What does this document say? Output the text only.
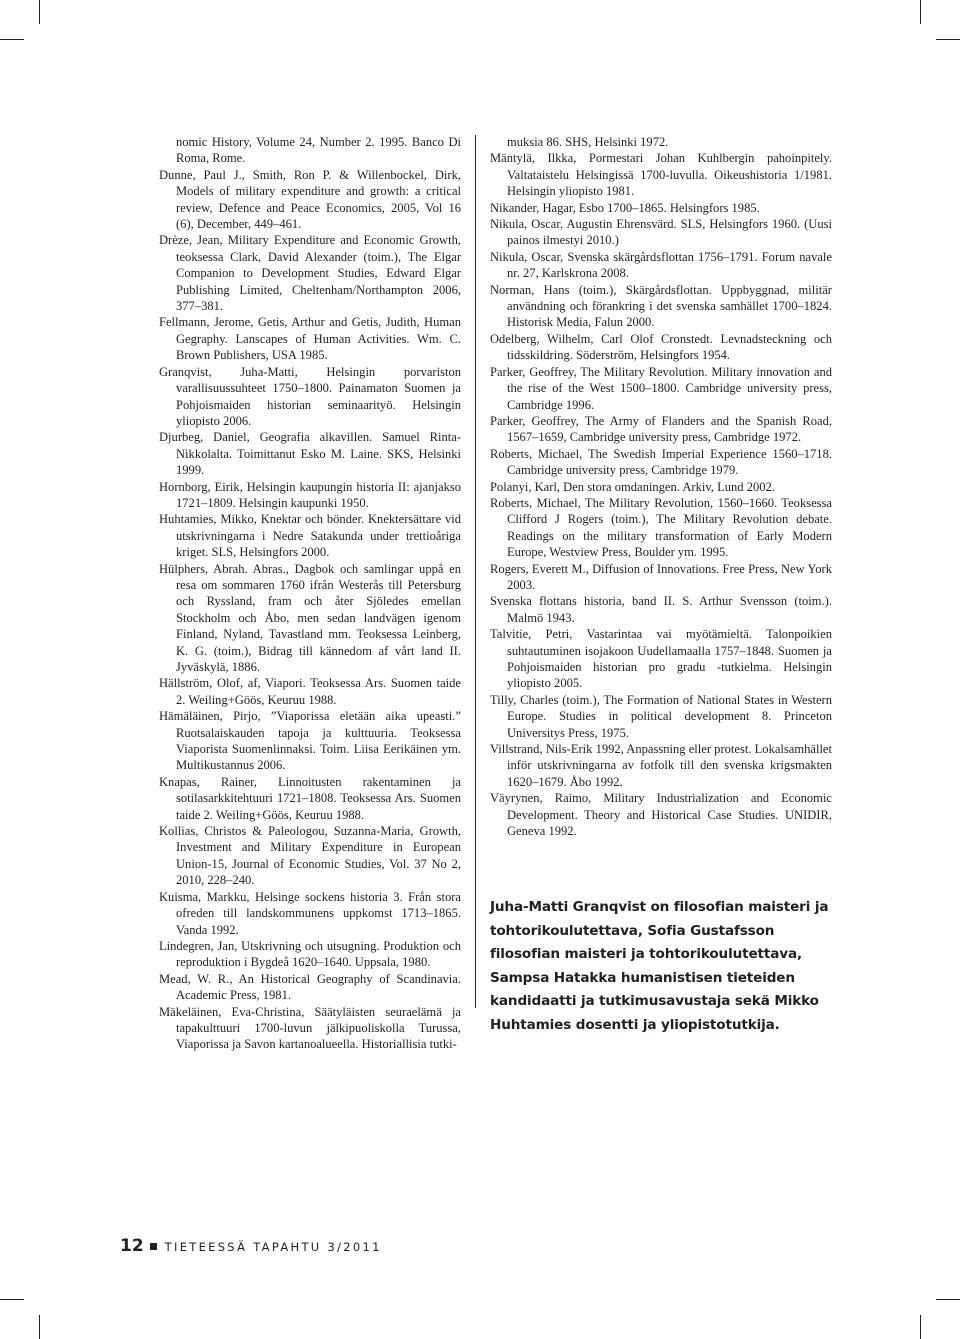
nomic History, Volume 24, Number 2. 1995. Banco Di Roma, Rome.

Dunne, Paul J., Smith, Ron P. & Willenbockel, Dirk, Models of military expenditure and growth: a critical review, Defence and Peace Economics, 2005, Vol 16 (6), December, 449–461.

Drèze, Jean, Military Expenditure and Economic Growth, teoksessa Clark, David Alexander (toim.), The Elgar Companion to Development Studies, Edward Elgar Publishing Limited, Cheltenham/Northampton 2006, 377–381.

Fellmann, Jerome, Getis, Arthur and Getis, Judith, Human Gegraphy. Lanscapes of Human Activities. Wm. C. Brown Publishers, USA 1985.

Granqvist, Juha-Matti, Helsingin porvariston varallisuussuhteet 1750–1800. Painamaton Suomen ja Pohjoismaiden historian seminaarityö. Helsingin yliopisto 2006.

Djurbeg, Daniel, Geografia alkavillen. Samuel Rinta-Nikkolalta. Toimittanut Esko M. Laine. SKS, Helsinki 1999.

Hornborg, Eirik, Helsingin kaupungin historia II: ajanjakso 1721–1809. Helsingin kaupunki 1950.

Huhtamies, Mikko, Knektar och bönder. Knektersättare vid utskrivningarna i Nedre Satakunda under trettioåriga kriget. SLS, Helsingfors 2000.

Hülphers, Abrah. Abras., Dagbok och samlingar uppå en resa om sommaren 1760 ifrån Westerås till Petersburg och Ryssland, fram och åter Sjöledes emellan Stockholm och Åbo, men sedan landvägen igenom Finland, Nyland, Tavastland mm. Teoksessa Leinberg, K. G. (toim.), Bidrag till kännedom af vårt land II. Jyväskylä, 1886.

Hällström, Olof, af, Viapori. Teoksessa Ars. Suomen taide 2. Weiling+Göös, Keuruu 1988.

Hämäläinen, Pirjo, ”Viaporissa eletään aika upeasti.” Ruotsalaiskauden tapoja ja kulttuuria. Teoksessa Viaporista Suomenlinnaksi. Toim. Liisa Eerikäinen ym. Multikustannus 2006.

Knapas, Rainer, Linnoitusten rakentaminen ja sotilasarkkitehtuuri 1721–1808. Teoksessa Ars. Suomen taide 2. Weiling+Göös, Keuruu 1988.

Kollias, Christos & Paleologou, Suzanna-Maria, Growth, Investment and Military Expenditure in European Union-15, Journal of Economic Studies, Vol. 37 No 2, 2010, 228–240.

Kuisma, Markku, Helsinge sockens historia 3. Från stora ofreden till landskommunens uppkomst 1713–1865. Vanda 1992.

Lindegren, Jan, Utskrivning och utsugning. Produktion och reproduktion i Bygdeå 1620–1640. Uppsala, 1980.

Mead, W. R., An Historical Geography of Scandinavia. Academic Press, 1981.

Mäkeläinen, Eva-Christina, Säätyläisten seuraelämä ja tapakulttuuri 1700-luvun jälkipuoliskolla Turussa, Viaporissa ja Savon kartanoalueella. Historiallisia tutki-

muksia 86. SHS, Helsinki 1972.

Mäntylä, Ilkka, Pormestari Johan Kuhlbergin pahoinpitely. Valtataistelu Helsingissä 1700-luvulla. Oikeushistoria 1/1981. Helsingin yliopisto 1981.

Nikander, Hagar, Esbo 1700–1865. Helsingfors 1985.

Nikula, Oscar, Augustin Ehrensvärd. SLS, Helsingfors 1960. (Uusi painos ilmestyi 2010.)

Nikula, Oscar, Svenska skärgårdsflottan 1756–1791. Forum navale nr. 27, Karlskrona 2008.

Norman, Hans (toim.), Skärgårdsflottan. Uppbyggnad, militär användning och förankring i det svenska samhället 1700–1824. Historisk Media, Falun 2000.

Odelberg, Wilhelm, Carl Olof Cronstedt. Levnadsteckning och tidsskildring. Söderström, Helsingfors 1954.

Parker, Geoffrey, The Military Revolution. Military innovation and the rise of the West 1500–1800. Cambridge university press, Cambridge 1996.

Parker, Geoffrey, The Army of Flanders and the Spanish Road, 1567–1659, Cambridge university press, Cambridge 1972.

Roberts, Michael, The Swedish Imperial Experience 1560–1718. Cambridge university press, Cambridge 1979.

Polanyi, Karl, Den stora omdaningen. Arkiv, Lund 2002.

Roberts, Michael, The Military Revolution, 1560–1660. Teoksessa Clifford J Rogers (toim.), The Military Revolution debate. Readings on the military transformation of Early Modern Europe, Westview Press, Boulder ym. 1995.

Rogers, Everett M., Diffusion of Innovations. Free Press, New York 2003.

Svenska flottans historia, band II. S. Arthur Svensson (toim.). Malmö 1943.

Talvitie, Petri, Vastarintaa vai myötämieltä. Talonpoikien suhtautuminen isojakoon Uudellamaalla 1757–1848. Suomen ja Pohjoismaiden historian pro gradu -tutkielma. Helsingin yliopisto 2005.

Tilly, Charles (toim.), The Formation of National States in Western Europe. Studies in political development 8. Princeton Universitys Press, 1975.

Villstrand, Nils-Erik 1992, Anpassning eller protest. Lokalsamhället inför utskrivningarna av fotfolk till den svenska krigsmakten 1620–1679. Åbo 1992.

Väyrynen, Raimo, Military Industrialization and Economic Development. Theory and Historical Case Studies. UNIDIR, Geneva 1992.

Juha-Matti Granqvist on filosofian maisteri ja tohtorikoulutettava, Sofia Gustafsson filosofian maisteri ja tohtorikoulutettava, Sampsa Hatakka humanistisen tieteiden kandidaatti ja tutkimusavustaja sekä Mikko Huhtamies dosentti ja yliopistotutkija.
12 TIETEESSÄ TAPAHTU 3/2011
